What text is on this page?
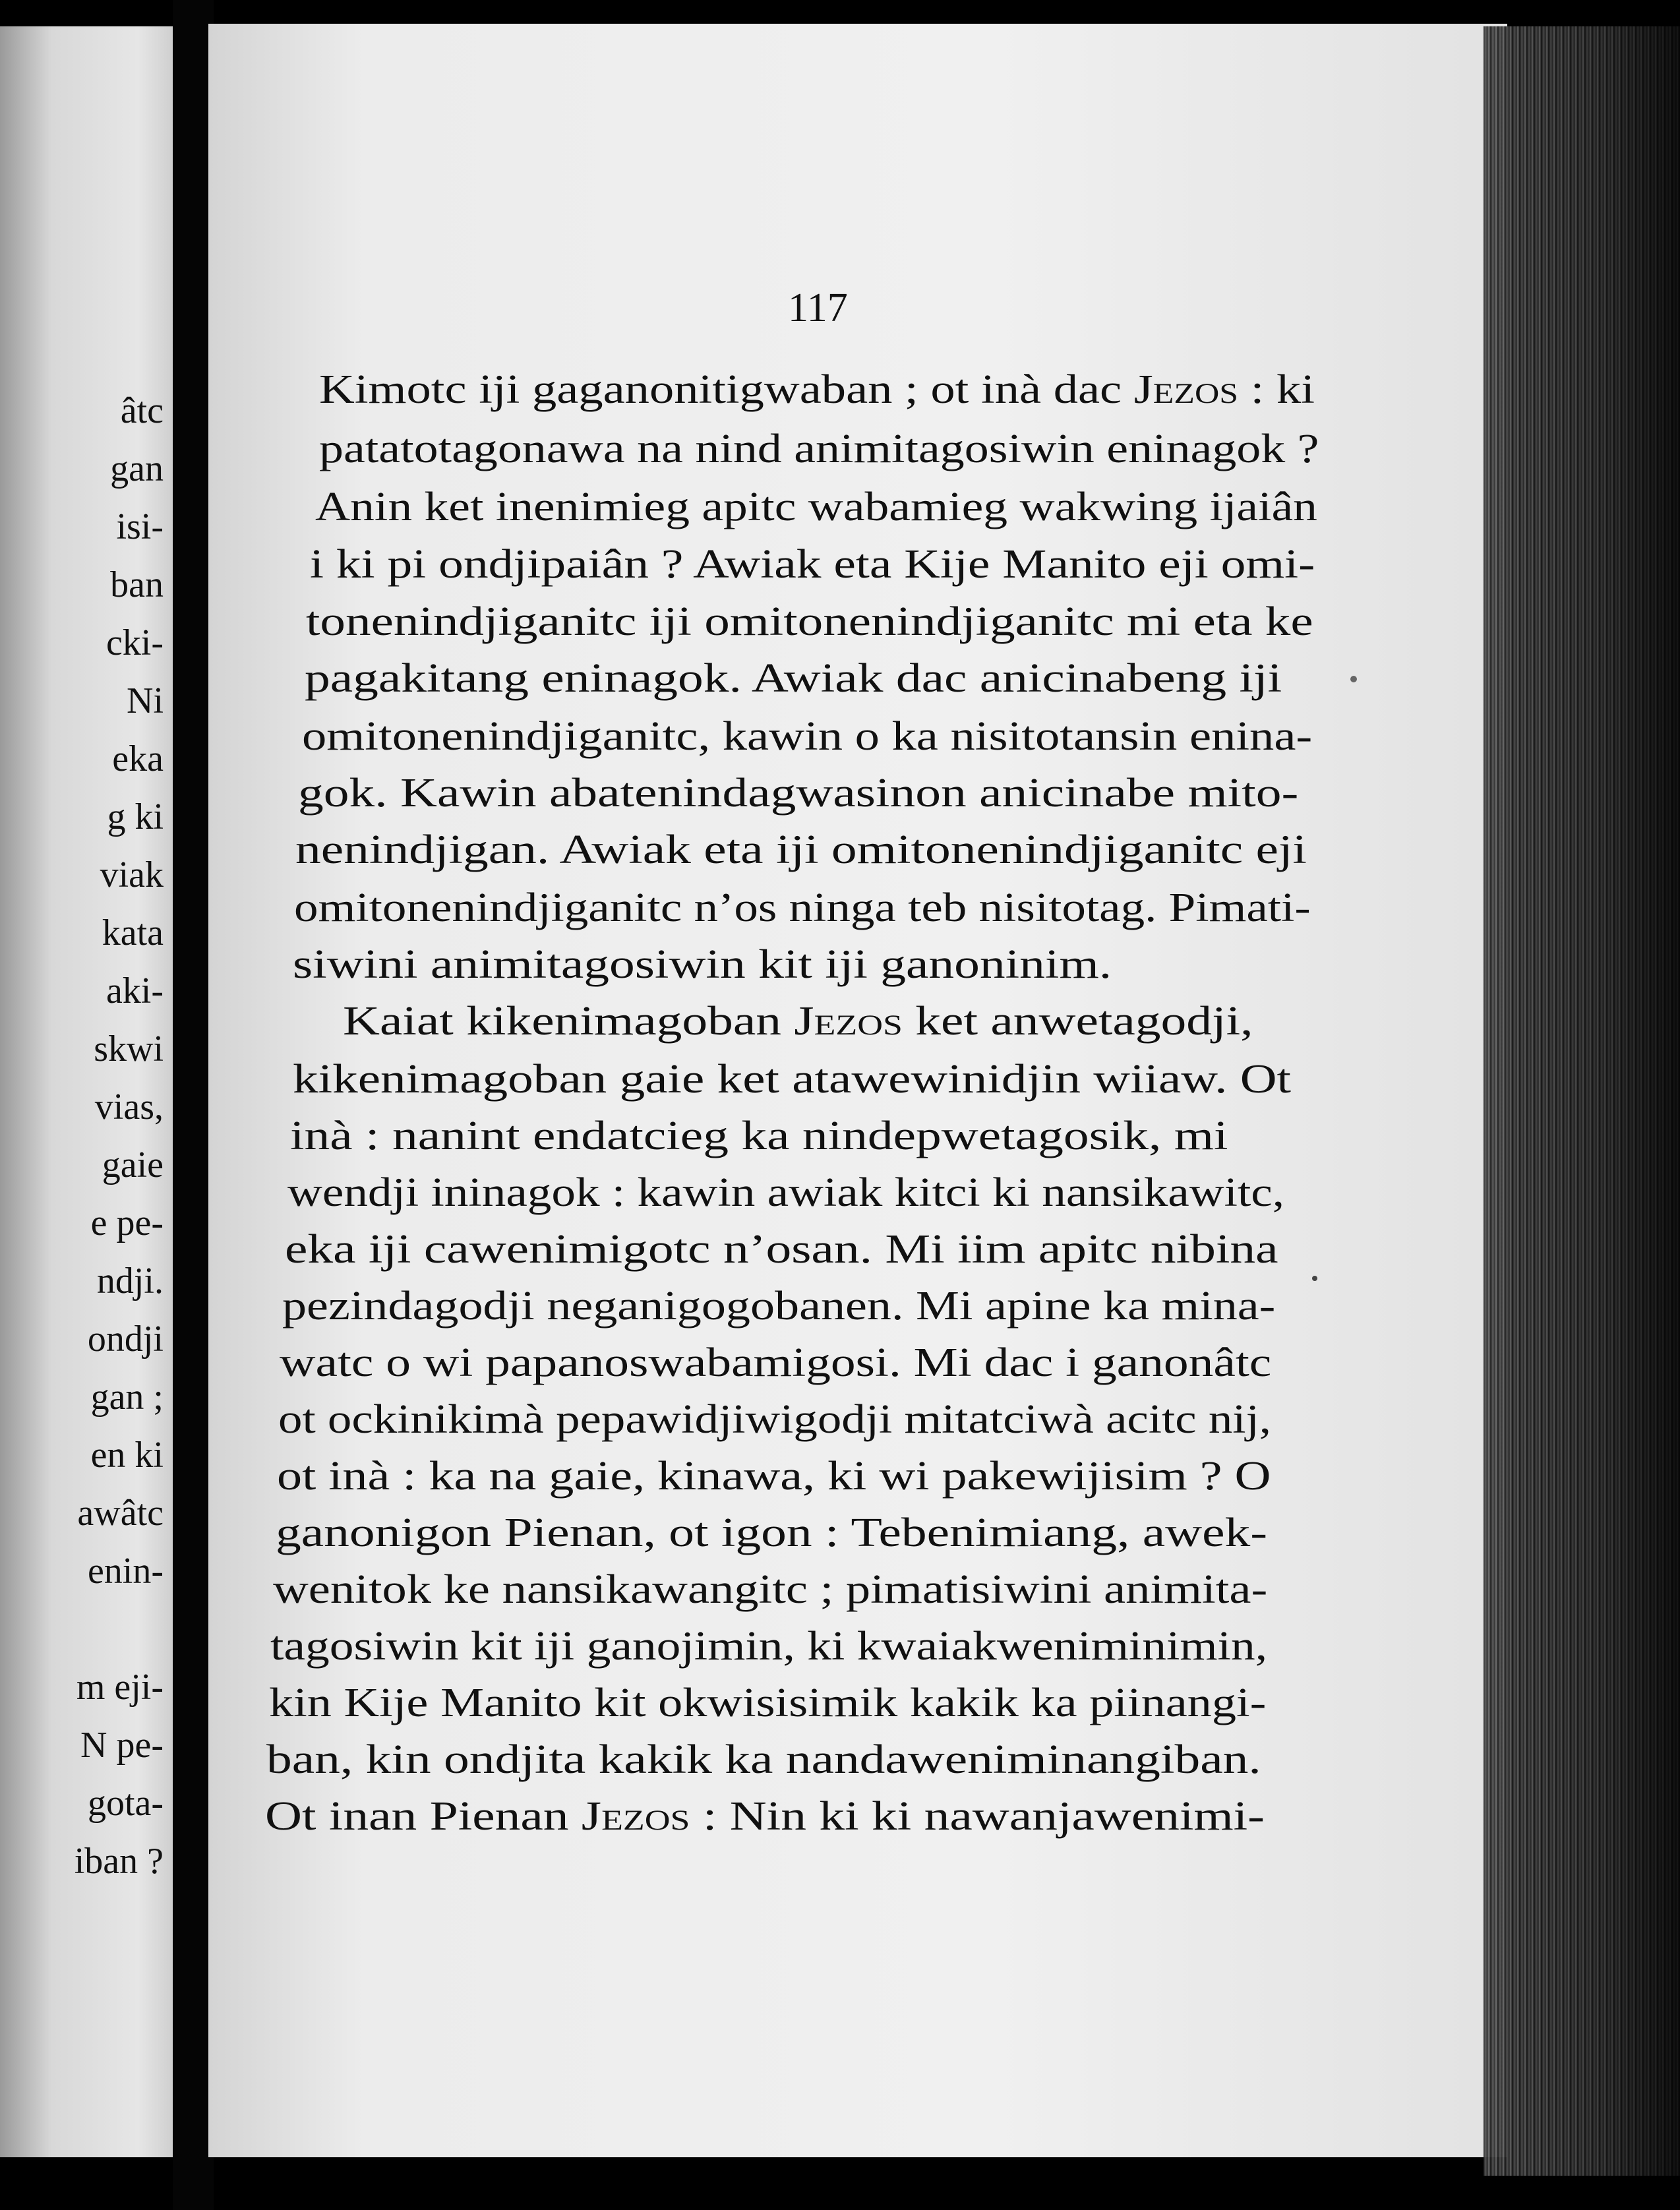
âtc

gan

isi-

ban

cki-

Ni

eka

g ki

viak

kata

aki-

skwi

vias,

gaie

e pe-

ndji.

ondji

gan ;

en ki

awâtc

enin-

m eji-

N pe-

gota-

iban ?

117

Kimotc iji gaganonitigwaban ; ot inà dac Jezos : ki

patatotagonawa na nind animitagosiwin eninagok ?

Anin ket inenimieg apitc wabamieg wakwing ijaiân

i ki pi ondjipaiân ? Awiak eta Kije Manito eji omi-

tonenindjiganitc iji omitonenindjiganitc mi eta ke

pagakitang eninagok. Awiak dac anicinabeng iji

omitonenindjiganitc, kawin o ka nisitotansin enina-

gok. Kawin abatenindagwasinon anicinabe mito-

nenindjigan. Awiak eta iji omitonenindjiganitc eji

omitonenindjiganitc n’os ninga teb nisitotag. Pimati-

siwini animitagosiwin kit iji ganoninim.

Kaiat kikenimagoban Jezos ket anwetagodji,

kikenimagoban gaie ket atawewinidjin wiiaw. Ot

inà : nanint endatcieg ka nindepwetagosik, mi

wendji ininagok : kawin awiak kitci ki nansikawitc,

eka iji cawenimigotc n’osan. Mi iim apitc nibina

pezindagodji neganigogobanen. Mi apine ka mina-

watc o wi papanoswabamigosi. Mi dac i ganonâtc

ot ockinikimà pepawidjiwigodji mitatciwà acitc nij,

ot inà : ka na gaie, kinawa, ki wi pakewijisim ? O

ganonigon Pienan, ot igon : Tebenimiang, awek-

wenitok ke nansikawangitc ; pimatisiwini animita-

tagosiwin kit iji ganojimin, ki kwaiakweniminimin,

kin Kije Manito kit okwisisimik kakik ka piinangi-

ban, kin ondjita kakik ka nandaweniminangiban.

Ot inan Pienan Jezos : Nin ki ki nawanjawenimi-
